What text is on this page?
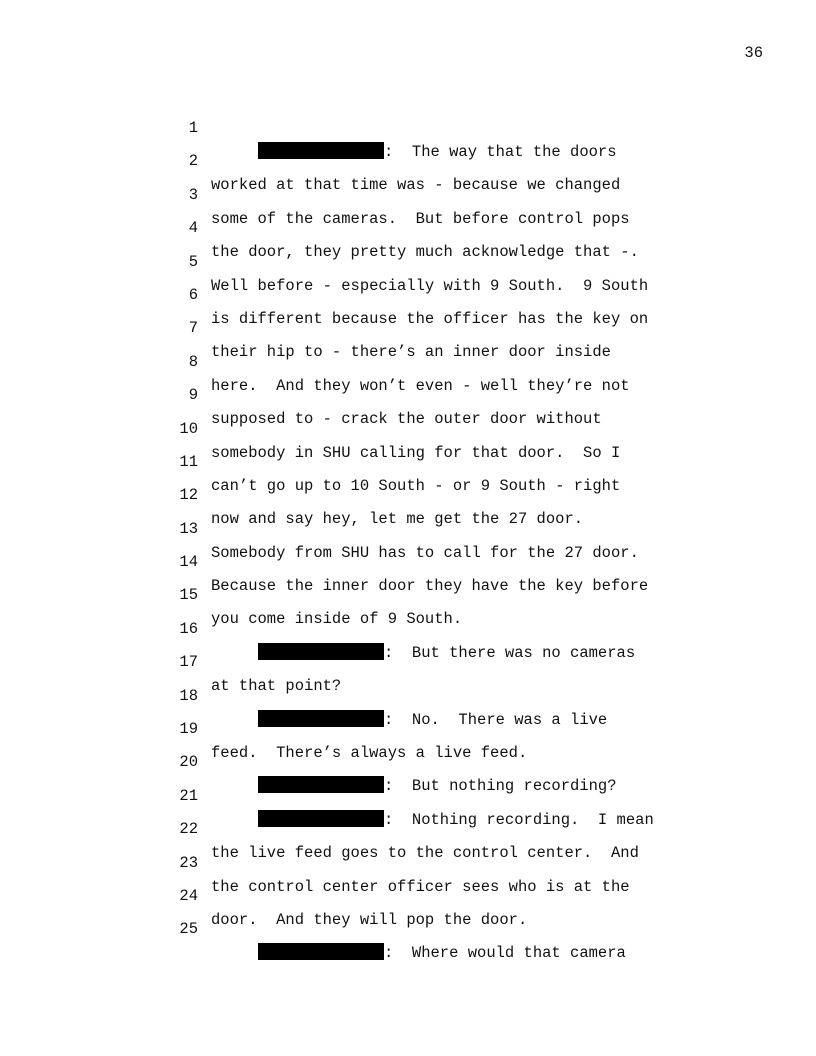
36

1

:  The way that the doors

2

worked at that time was - because we changed

3

some of the cameras.  But before control pops

4

the door, they pretty much acknowledge that -.

5

Well before - especially with 9 South.  9 South

6

is different because the officer has the key on

7

their hip to - there’s an inner door inside

8

here.  And they won’t even - well they’re not

9

supposed to - crack the outer door without

10

somebody in SHU calling for that door.  So I

11

can’t go up to 10 South - or 9 South - right

12

now and say hey, let me get the 27 door.

13

Somebody from SHU has to call for the 27 door.

14

Because the inner door they have the key before

15

you come inside of 9 South.

16

:  But there was no cameras

17

at that point?

18

:  No.  There was a live

19

feed.  There’s always a live feed.

20

:  But nothing recording?

21

:  Nothing recording.  I mean

22

the live feed goes to the control center.  And

23

the control center officer sees who is at the

24

door.  And they will pop the door.

25

:  Where would that camera
